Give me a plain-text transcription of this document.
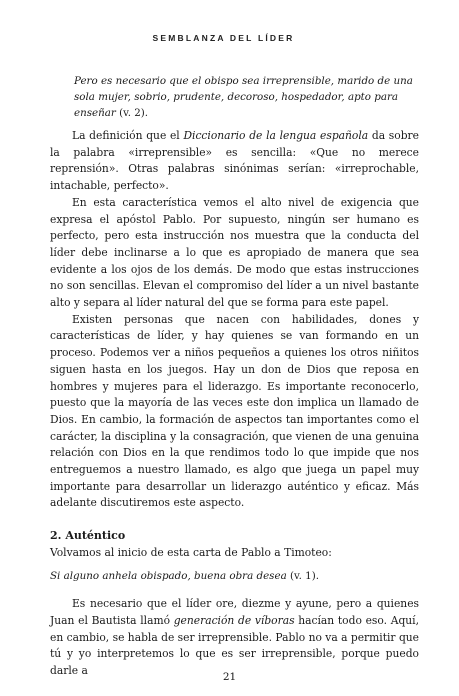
SEMBLANZA DEL LÍDER
Pero es necesario que el obispo sea irreprensible, marido de una sola mujer, sobrio, prudente, decoroso, hospedador, apto para enseñar (v. 2).

La definición que el Diccionario de la lengua española da sobre la palabra «irreprensible» es sencilla: «Que no merece reprensión». Otras palabras sinónimas serían: «irreprochable, intachable, perfecto».

En esta característica vemos el alto nivel de exigencia que expresa el apóstol Pablo. Por supuesto, ningún ser humano es perfecto, pero esta instrucción nos muestra que la conducta del líder debe inclinarse a lo que es apropiado de manera que sea evidente a los ojos de los demás. De modo que estas instrucciones no son sencillas. Elevan el compromiso del líder a un nivel bastante alto y separa al líder natural del que se forma para este papel.

Existen personas que nacen con habilidades, dones y características de líder, y hay quienes se van formando en un proceso. Podemos ver a niños pequeños a quienes los otros niñitos siguen hasta en los juegos. Hay un don de Dios que reposa en hombres y mujeres para el liderazgo. Es importante reconocerlo, puesto que la mayoría de las veces este don implica un llamado de Dios. En cambio, la formación de aspectos tan importantes como el carácter, la disciplina y la consagración, que vienen de una genuina relación con Dios en la que rendimos todo lo que impide que nos entreguemos a nuestro llamado, es algo que juega un papel muy importante para desarrollar un liderazgo auténtico y eficaz. Más adelante discutiremos este aspecto.

2. Auténtico

Volvamos al inicio de esta carta de Pablo a Timoteo:

Si alguno anhela obispado, buena obra desea (v. 1).

Es necesario que el líder ore, diezme y ayune, pero a quienes Juan el Bautista llamó generación de víboras hacían todo eso. Aquí, en cambio, se habla de ser irreprensible. Pablo no va a permitir que tú y yo interpretemos lo que es ser irreprensible, porque puedo darle a

21
